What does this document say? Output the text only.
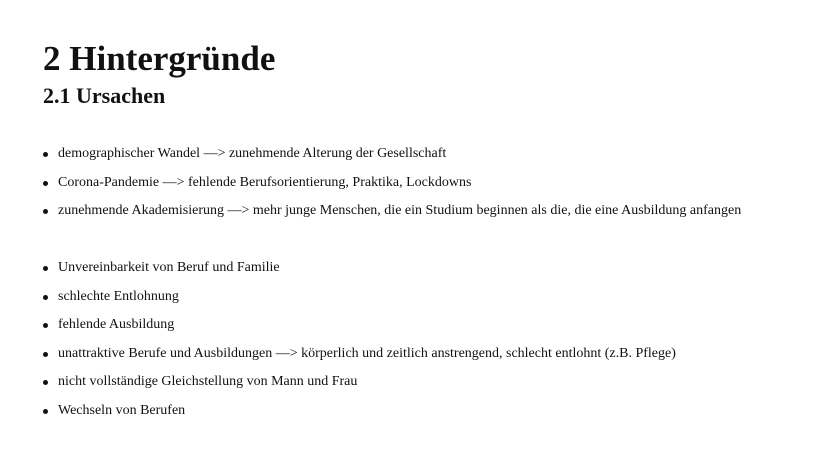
2 Hintergründe
2.1 Ursachen
demographischer Wandel —> zunehmende Alterung der Gesellschaft
Corona-Pandemie —> fehlende Berufsorientierung, Praktika, Lockdowns
zunehmende Akademisierung —> mehr junge Menschen, die ein Studium beginnen als die, die eine Ausbildung anfangen
Unvereinbarkeit von Beruf und Familie
schlechte Entlohnung
fehlende Ausbildung
unattraktive Berufe und Ausbildungen —> körperlich und zeitlich anstrengend, schlecht entlohnt (z.B. Pflege)
nicht vollständige Gleichstellung von Mann und Frau
Wechseln von Berufen
